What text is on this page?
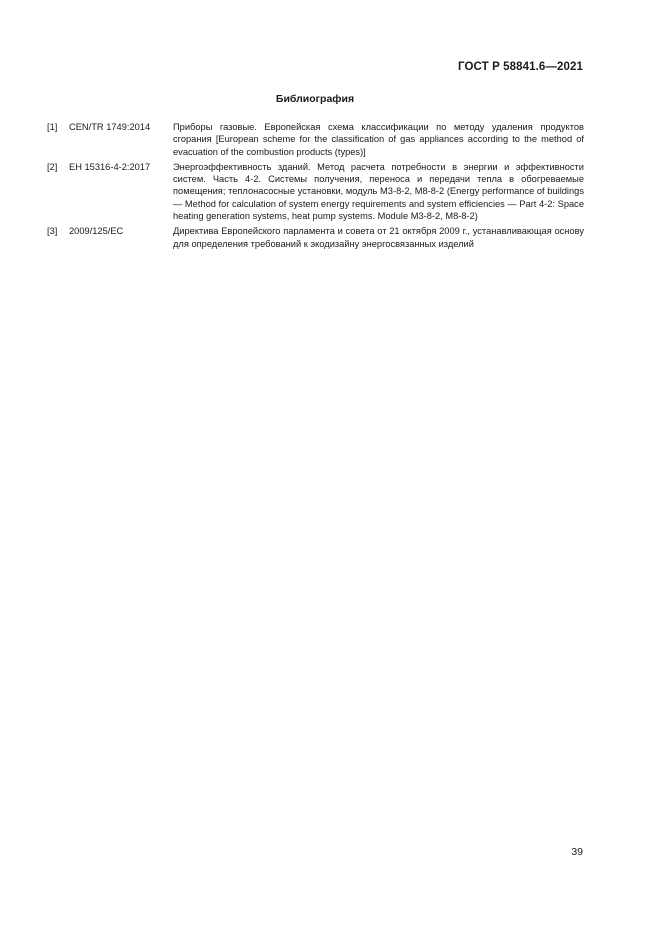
ГОСТ Р 58841.6—2021
Библиография
[1]	CEN/TR 1749:2014	Приборы газовые. Европейская схема классификации по методу удаления продуктов сгорания [European scheme for the classification of gas appliances according to the method of evacuation of the combustion products (types)]
[2]	ЕН 15316-4-2:2017	Энергоэффективность зданий. Метод расчета потребности в энергии и эффективности систем. Часть 4-2. Системы получения, переноса и передачи тепла в обогреваемые помещения; теплонасосные установки, модуль М3-8-2, М8-8-2 (Energy performance of buildings — Method for calculation of system energy requirements and system efficiencies — Part 4-2: Space heating generation systems, heat pump systems. Module M3-8-2, M8-8-2)
[3]	2009/125/ЕС	Директива Европейского парламента и совета от 21 октября 2009 г., устанавливающая основу для определения требований к экодизайну энергосвязанных изделий
39
